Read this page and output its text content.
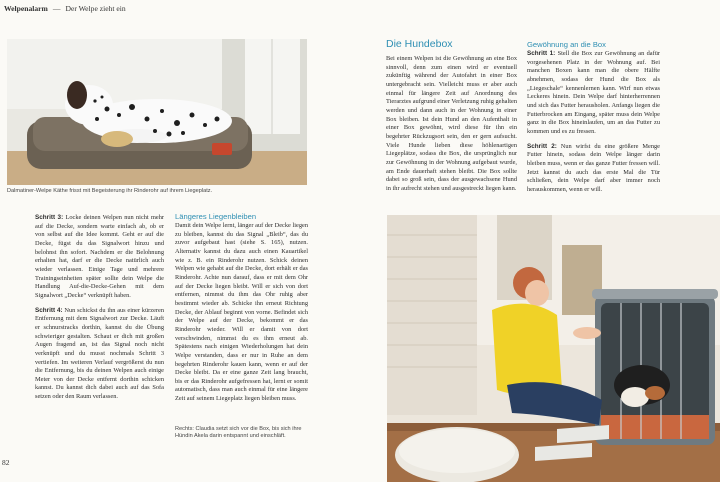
Welpenalarm — Der Welpe zieht ein
Dalmatiner-Welpe Käthe frisst mit Begeisterung ihr Rinderohr auf ihrem Liegeplatz.
Die Hundebox
Bei einem Welpen ist die Gewöhnung an eine Box sinnvoll, denn zum einen wird er eventuell zukünftig während der Autofahrt in einer Box untergebracht sein. Vielleicht muss er aber auch einmal für längere Zeit auf Anordnung des Tierarztes aufgrund einer Verletzung ruhig gehalten werden und dann auch in der Wohnung in einer Box bleiben. Ist dein Hund an den Aufenthalt in einer Box gewöhnt, wird diese für ihn ein begehrter Rückzugsort sein, den er gern aufsucht. Viele Hunde lieben diese höhlenartigen Liegeplätze, sodass die Box, die ursprünglich nur zur Gewöhnung in der Wohnung aufgebaut wurde, am Ende dauerhaft stehen bleibt. Die Box sollte dabei so groß sein, dass der ausgewachsene Hund in ihr aufrecht stehen und ausgestreckt liegen kann.
Gewöhnung an die Box

Schritt 1: Stell die Box zur Gewöhnung an dafür vorgesehenen Platz in der Wohnung auf. Bei manchen Boxen kann man die obere Hälfte abnehmen, sodass der Hund die Box als „Liegeschale“ kennenlernen kann. Wirf nun etwas Leckeres hinein. Dein Welpe darf hinterherrennen und sich das Futter herausholen. Anfangs liegen die Futterbrocken am Eingang, später muss dein Welpe ganz in die Box hineinlaufen, um an das Futter zu kommen und es zu fressen.

Schritt 2: Nun wirfst du eine größere Menge Futter hinein, sodass dein Welpe länger darin bleiben muss, wenn er das ganze Futter fressen will. Jetzt kannst du auch das erste Mal die Tür schließen, dein Welpe darf aber immer noch herauskommen, wenn er will.

Schritt 3: Locke deinen Welpen nun nicht mehr auf die Decke, sondern warte einfach ab, ob er von selbst auf die Idee kommt. Geht er auf die Decke, fügst du das Signalwort hinzu und belohnst ihn sofort. Nachdem er die Belohnung erhalten hat, darf er die Decke natürlich auch wieder verlassen. Einige Tage und mehrere Trainingseinheiten später sollte dein Welpe die Handlung Auf-die-Decke-Gehen mit dem Signalwort „Decke“ verknüpft haben.

Schritt 4: Nun schickst du ihn aus einer kürzeren Entfernung mit dem Signalwort zur Decke. Läuft er schnurstracks dorthin, kannst du die Übung schwieriger gestalten. Schaut er dich mit großen Augen fragend an, ist das Signal noch nicht verknüpft und du musst nochmals Schritt 3 vertiefen. Im weiteren Verlauf vergrößerst du nun die Entfernung, bis du deinen Welpen auch einige Meter von der Decke entfernt dorthin schicken kannst. Du kannst dich dabei auch auf das Sofa setzen oder den Raum verlassen.

Längeres Liegenbleiben
Damit dein Welpe lernt, länger auf der Decke liegen zu bleiben, kannst du das Signal „Bleib“, das du zuvor aufgebaut hast (siehe S. 165), nutzen. Alternativ kannst du dazu auch einen Kauartikel wie z. B. ein Rinderohr nutzen. Schick deinen Welpen wie gehabt auf die Decke, dort erhält er das Rinderohr. Achte nun darauf, dass er mit dem Ohr auf der Decke liegen bleibt. Will er sich von dort entfernen, nimmst du ihm das Ohr ruhig aber bestimmt wieder ab. Schicke ihn erneut Richtung Decke, der Ablauf beginnt von vorne. Befindet sich der Welpe auf der Decke, bekommt er das Rinderohr wieder. Will er damit von dort verschwinden, nimmst du es ihm erneut ab. Spätestens nach einigen Wiederholungen hat dein Welpe verstanden, dass er nur in Ruhe an dem begehrten Rinderohr kauen kann, wenn er auf der Decke bleibt. Da er eine ganze Zeit lang braucht, bis er das Rinderohr aufgefressen hat, lernt er somit automatisch, dass man auch einmal für eine längere Zeit auf seinem Liegeplatz liegen bleiben muss.
Rechts: Claudia setzt sich vor die Box, bis sich ihre Hündin Akela darin entspannt und einschläft.
82
